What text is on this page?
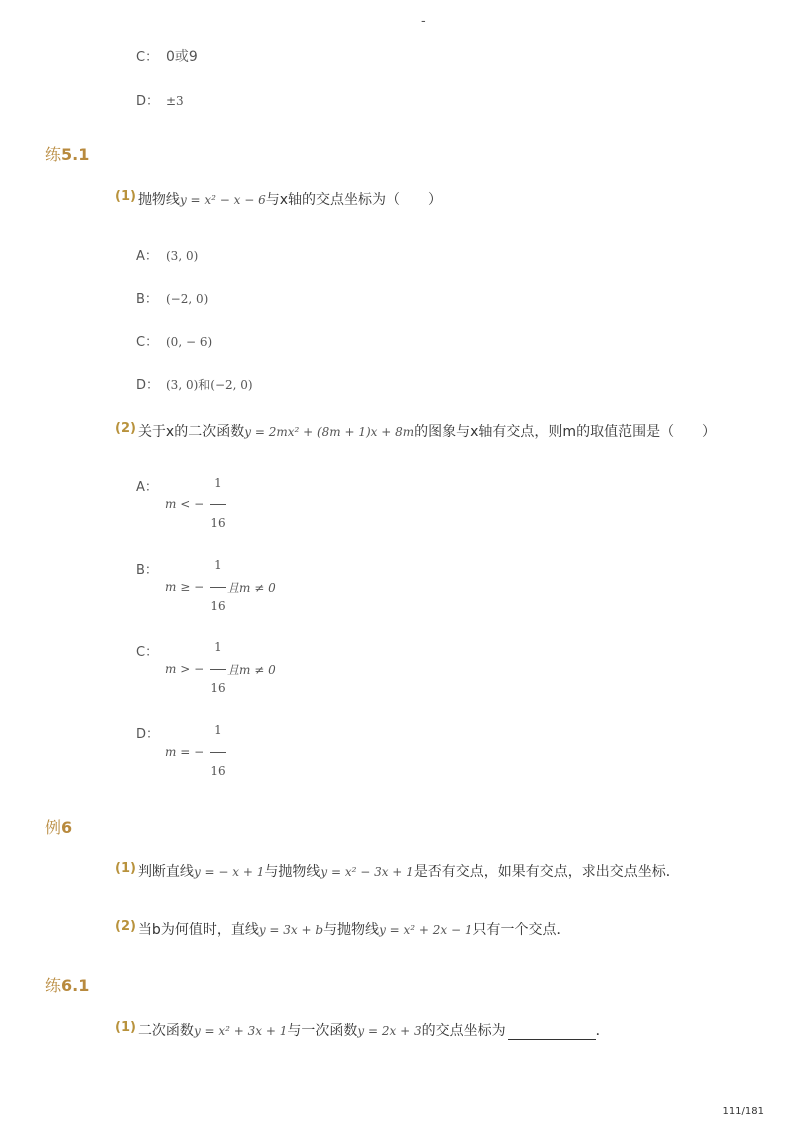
-
C： 0或9
D： ±3
练5.1
(1) 抛物线y = x² − x − 6与x轴的交点坐标为（　　）
A： (3, 0)
B： (−2, 0)
C： (0, − 6)
D： (3, 0)和(−2, 0)
(2) 关于x的二次函数y = 2mx² + (8m + 1)x + 8m的图象与x轴有交点，则m的取值范围是（　　）
A：	1
m < −
16
B：	1
m ≥ −
16
且m ≠ 0
C：	1
m > −
16
且m ≠ 0
D：	1
m = −
16
例6
(1) 判断直线y = − x + 1与抛物线y = x² − 3x + 1是否有交点，如果有交点，求出交点坐标．
(2) 当b为何值时，直线y = 3x + b与抛物线y = x² + 2x − 1只有一个交点．
练6.1
(1) 二次函数y = x² + 3x + 1与一次函数y = 2x + 3的交点坐标为	．
111/181
